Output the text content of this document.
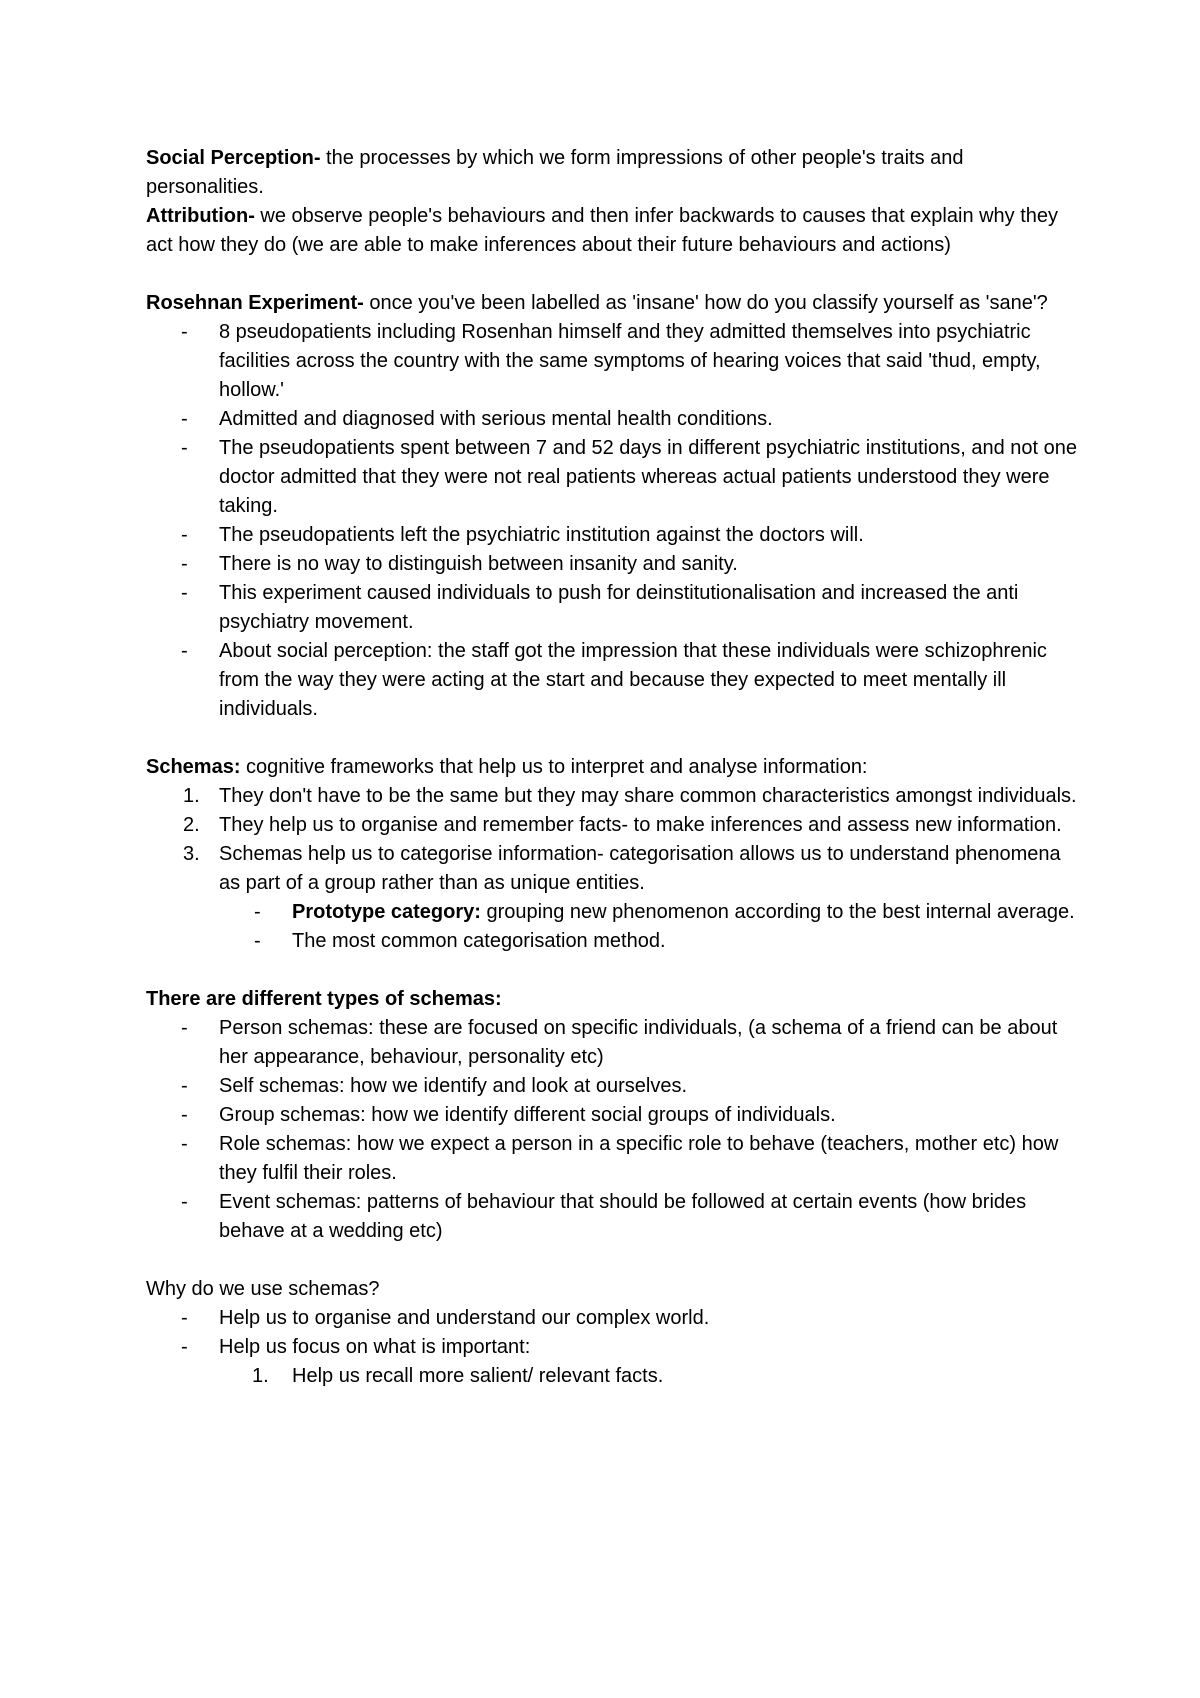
Social Perception- the processes by which we form impressions of other people's traits and personalities.

Attribution- we observe people's behaviours and then infer backwards to causes that explain why they act how they do (we are able to make inferences about their future behaviours and actions)

Rosehnan Experiment- once you've been labelled as 'insane' how do you classify yourself as 'sane'?

-	8 pseudopatients including Rosenhan himself and they admitted themselves into psychiatric facilities across the country with the same symptoms of hearing voices that said 'thud, empty, hollow.'
-	Admitted and diagnosed with serious mental health conditions.
-	The pseudopatients spent between 7 and 52 days in different psychiatric institutions, and not one doctor admitted that they were not real patients whereas actual patients understood they were taking.
-	The pseudopatients left the psychiatric institution against the doctors will.
-	There is no way to distinguish between insanity and sanity.
-	This experiment caused individuals to push for deinstitutionalisation and increased the anti psychiatry movement.
-	About social perception: the staff got the impression that these individuals were schizophrenic from the way they were acting at the start and because they expected to meet mentally ill individuals.

Schemas: cognitive frameworks that help us to interpret and analyse information:

1. They don't have to be the same but they may share common characteristics amongst individuals.
2. They help us to organise and remember facts- to make inferences and assess new information.
3. Schemas help us to categorise information- categorisation allows us to understand phenomena as part of a group rather than as unique entities.
-	Prototype category: grouping new phenomenon according to the best internal average.
-	The most common categorisation method.

There are different types of schemas:

-	Person schemas: these are focused on specific individuals, (a schema of a friend can be about her appearance, behaviour, personality etc)
-	Self schemas: how we identify and look at ourselves.
-	Group schemas: how we identify different social groups of individuals.
-	Role schemas: how we expect a person in a specific role to behave (teachers, mother etc) how they fulfil their roles.
-	Event schemas: patterns of behaviour that should be followed at certain events (how brides behave at a wedding etc)

Why do we use schemas?

-	Help us to organise and understand our complex world.
-	Help us focus on what is important:
1.	Help us recall more salient/ relevant facts.
